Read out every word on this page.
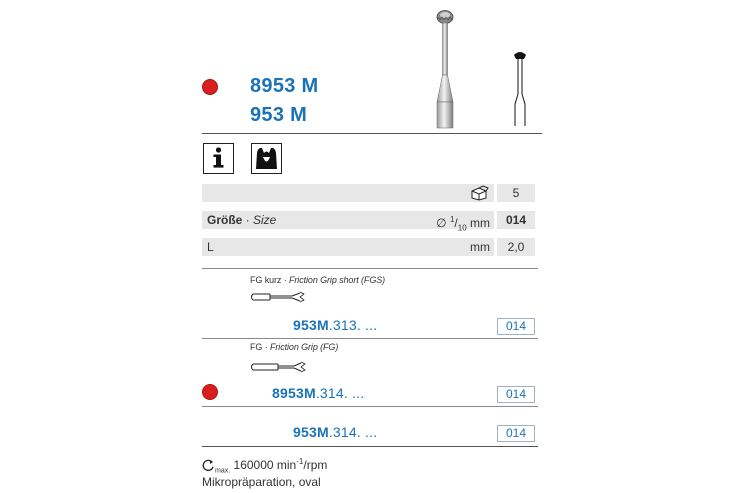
8953 M
953 M
5
Größe · Size	∅ $^1/_{10}$ mm	014
L	mm	2,0
FG kurz · Friction Grip short (FGS)
953M.313. ...	014
FG · Friction Grip (FG)
8953M.314. ...	014
953M.314. ...	014
$_{max.}$ 160000 $\min^{-1}$/rpm
Mikropräparation, oval
